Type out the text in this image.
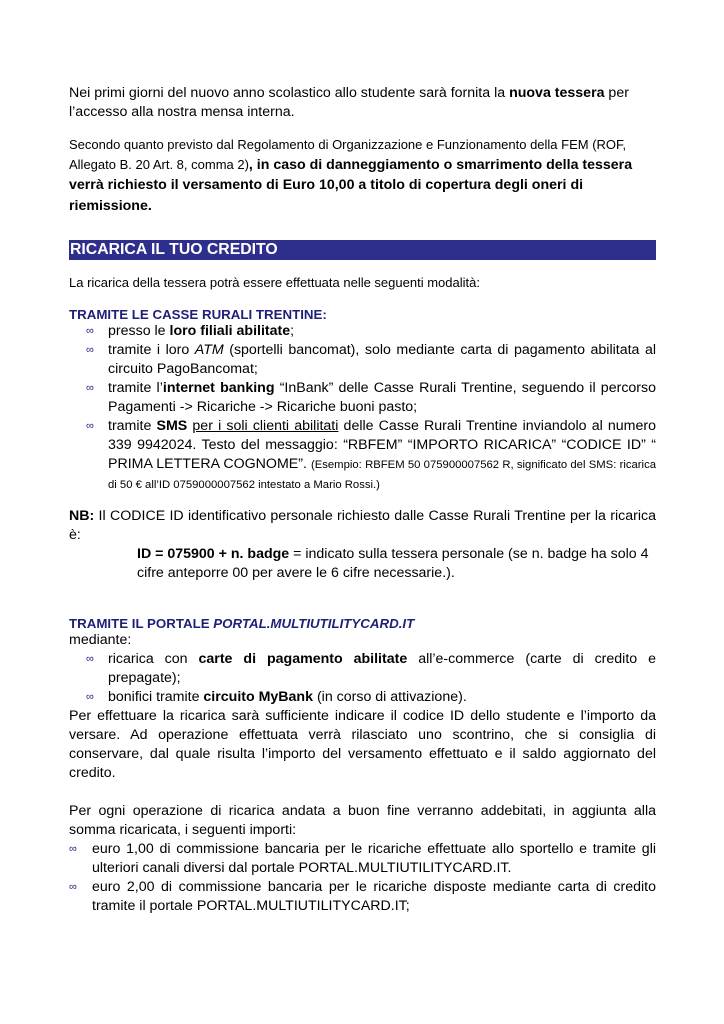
Nei primi giorni del nuovo anno scolastico allo studente sarà fornita la nuova tessera per l’accesso alla nostra mensa interna.

Secondo quanto previsto dal Regolamento di Organizzazione e Funzionamento della FEM (ROF, Allegato B. 20 Art. 8, comma 2), in caso di danneggiamento o smarrimento della tessera verrà richiesto il versamento di Euro 10,00 a titolo di copertura degli oneri di riemissione.

RICARICA IL TUO CREDITO

La ricarica della tessera potrà essere effettuata nelle seguenti modalità:

TRAMITE LE CASSE RURALI TRENTINE:

∞ presso le loro filiali abilitate;
∞ tramite i loro ATM (sportelli bancomat), solo mediante carta di pagamento abilitata al circuito PagoBancomat;
∞ tramite l’internet banking “InBank” delle Casse Rurali Trentine, seguendo il percorso Pagamenti -> Ricariche -> Ricariche buoni pasto;
∞ tramite SMS per i soli clienti abilitati delle Casse Rurali Trentine inviandolo al numero 339 9942024. Testo del messaggio: “RBFEM” “IMPORTO RICARICA” “CODICE ID” “ PRIMA LETTERA COGNOME”. (Esempio: RBFEM 50 075900007562 R, significato del SMS: ricarica di 50 € all’ID 0759000007562 intestato a Mario Rossi.)

NB: Il CODICE ID identificativo personale richiesto dalle Casse Rurali Trentine per la ricarica è:

ID = 075900 + n. badge = indicato sulla tessera personale (se n. badge ha solo 4 cifre anteporre 00 per avere le 6 cifre necessarie.).

TRAMITE IL PORTALE PORTAL.MULTIUTILITYCARD.IT

mediante:

∞ ricarica con carte di pagamento abilitate all’e-commerce (carte di credito e prepagate);
∞ bonifici tramite circuito MyBank (in corso di attivazione).

Per effettuare la ricarica sarà sufficiente indicare il codice ID dello studente e l’importo da versare. Ad operazione effettuata verrà rilasciato uno scontrino, che si consiglia di conservare, dal quale risulta l’importo del versamento effettuato e il saldo aggiornato del credito.

Per ogni operazione di ricarica andata a buon fine verranno addebitati, in aggiunta alla somma ricaricata, i seguenti importi:

∞ euro 1,00 di commissione bancaria per le ricariche effettuate allo sportello e tramite gli ulteriori canali diversi dal portale PORTAL.MULTIUTILITYCARD.IT.
∞ euro 2,00 di commissione bancaria per le ricariche disposte mediante carta di credito tramite il portale PORTAL.MULTIUTILITYCARD.IT;
